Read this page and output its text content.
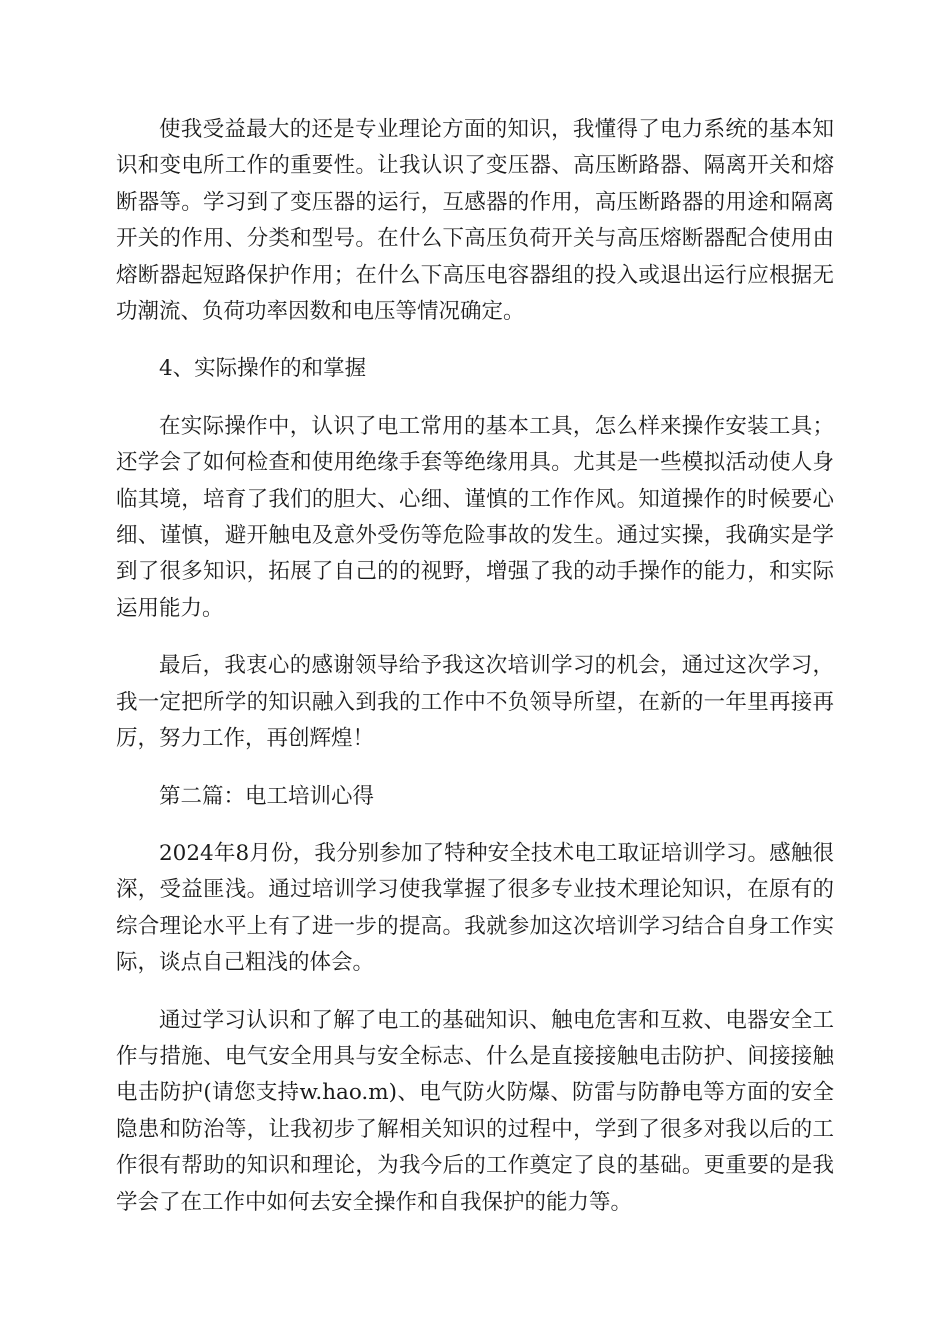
使我受益最大的还是专业理论方面的知识，我懂得了电力系统的基本知识和变电所工作的重要性。让我认识了变压器、高压断路器、隔离开关和熔断器等。学习到了变压器的运行，互感器的作用，高压断路器的用途和隔离开关的作用、分类和型号。在什么下高压负荷开关与高压熔断器配合使用由熔断器起短路保护作用；在什么下高压电容器组的投入或退出运行应根据无功潮流、负荷功率因数和电压等情况确定。

4、实际操作的和掌握

在实际操作中，认识了电工常用的基本工具，怎么样来操作安装工具；还学会了如何检查和使用绝缘手套等绝缘用具。尤其是一些模拟活动使人身临其境，培育了我们的胆大、心细、谨慎的工作作风。知道操作的时候要心细、谨慎，避开触电及意外受伤等危险事故的发生。通过实操，我确实是学到了很多知识，拓展了自己的的视野，增强了我的动手操作的能力，和实际运用能力。

最后，我衷心的感谢领导给予我这次培训学习的机会，通过这次学习，我一定把所学的知识融入到我的工作中不负领导所望，在新的一年里再接再厉，努力工作，再创辉煌！

第二篇：电工培训心得

2024年8月份，我分别参加了特种安全技术电工取证培训学习。感触很深，受益匪浅。通过培训学习使我掌握了很多专业技术理论知识，在原有的综合理论水平上有了进一步的提高。我就参加这次培训学习结合自身工作实际，谈点自己粗浅的体会。

通过学习认识和了解了电工的基础知识、触电危害和互救、电器安全工作与措施、电气安全用具与安全标志、什么是直接接触电击防护、间接接触电击防护(请您支持w.hao.m)、电气防火防爆、防雷与防静电等方面的安全隐患和防治等，让我初步了解相关知识的过程中，学到了很多对我以后的工作很有帮助的知识和理论，为我今后的工作奠定了良的基础。更重要的是我学会了在工作中如何去安全操作和自我保护的能力等。
